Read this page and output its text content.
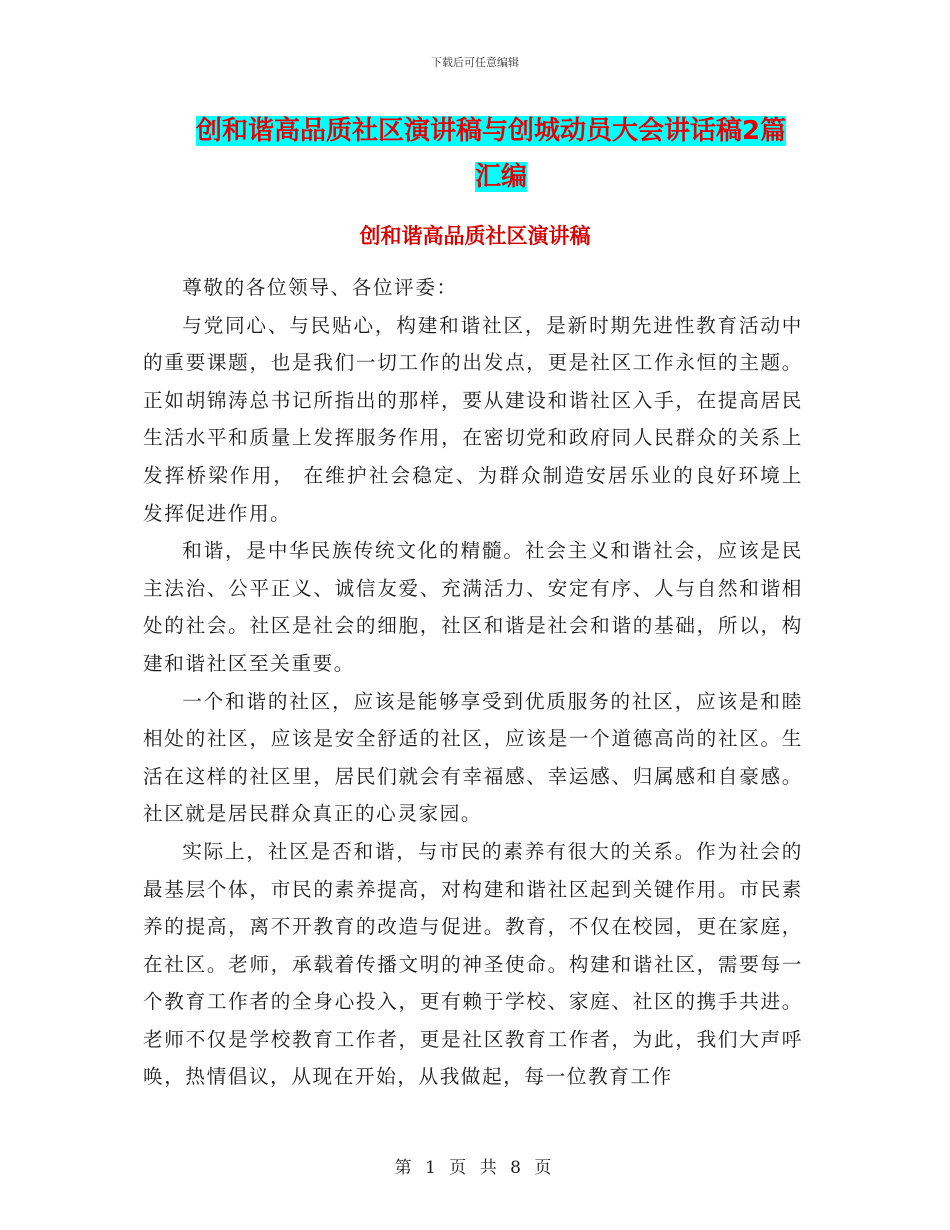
下载后可任意编辑
创和谐高品质社区演讲稿与创城动员大会讲话稿2篇
汇编
创和谐高品质社区演讲稿

尊敬的各位领导、各位评委：

与党同心、与民贴心，构建和谐社区，是新时期先进性教育活动中的重要课题，也是我们一切工作的出发点，更是社区工作永恒的主题。正如胡锦涛总书记所指出的那样，要从建设和谐社区入手，在提高居民生活水平和质量上发挥服务作用，在密切党和政府同人民群众的关系上发挥桥梁作用， 在维护社会稳定、为群众制造安居乐业的良好环境上发挥促进作用。

和谐，是中华民族传统文化的精髓。社会主义和谐社会，应该是民主法治、公平正义、诚信友爱、充满活力、安定有序、人与自然和谐相处的社会。社区是社会的细胞，社区和谐是社会和谐的基础，所以，构建和谐社区至关重要。

一个和谐的社区，应该是能够享受到优质服务的社区，应该是和睦相处的社区，应该是安全舒适的社区，应该是一个道德高尚的社区。生活在这样的社区里，居民们就会有幸福感、幸运感、归属感和自豪感。社区就是居民群众真正的心灵家园。

实际上，社区是否和谐，与市民的素养有很大的关系。作为社会的最基层个体，市民的素养提高，对构建和谐社区起到关键作用。市民素养的提高，离不开教育的改造与促进。教育，不仅在校园，更在家庭，在社区。老师，承载着传播文明的神圣使命。构建和谐社区，需要每一个教育工作者的全身心投入，更有赖于学校、家庭、社区的携手共进。老师不仅是学校教育工作者，更是社区教育工作者，为此，我们大声呼唤，热情倡议，从现在开始，从我做起，每一位教育工作

第 1 页 共 8 页
